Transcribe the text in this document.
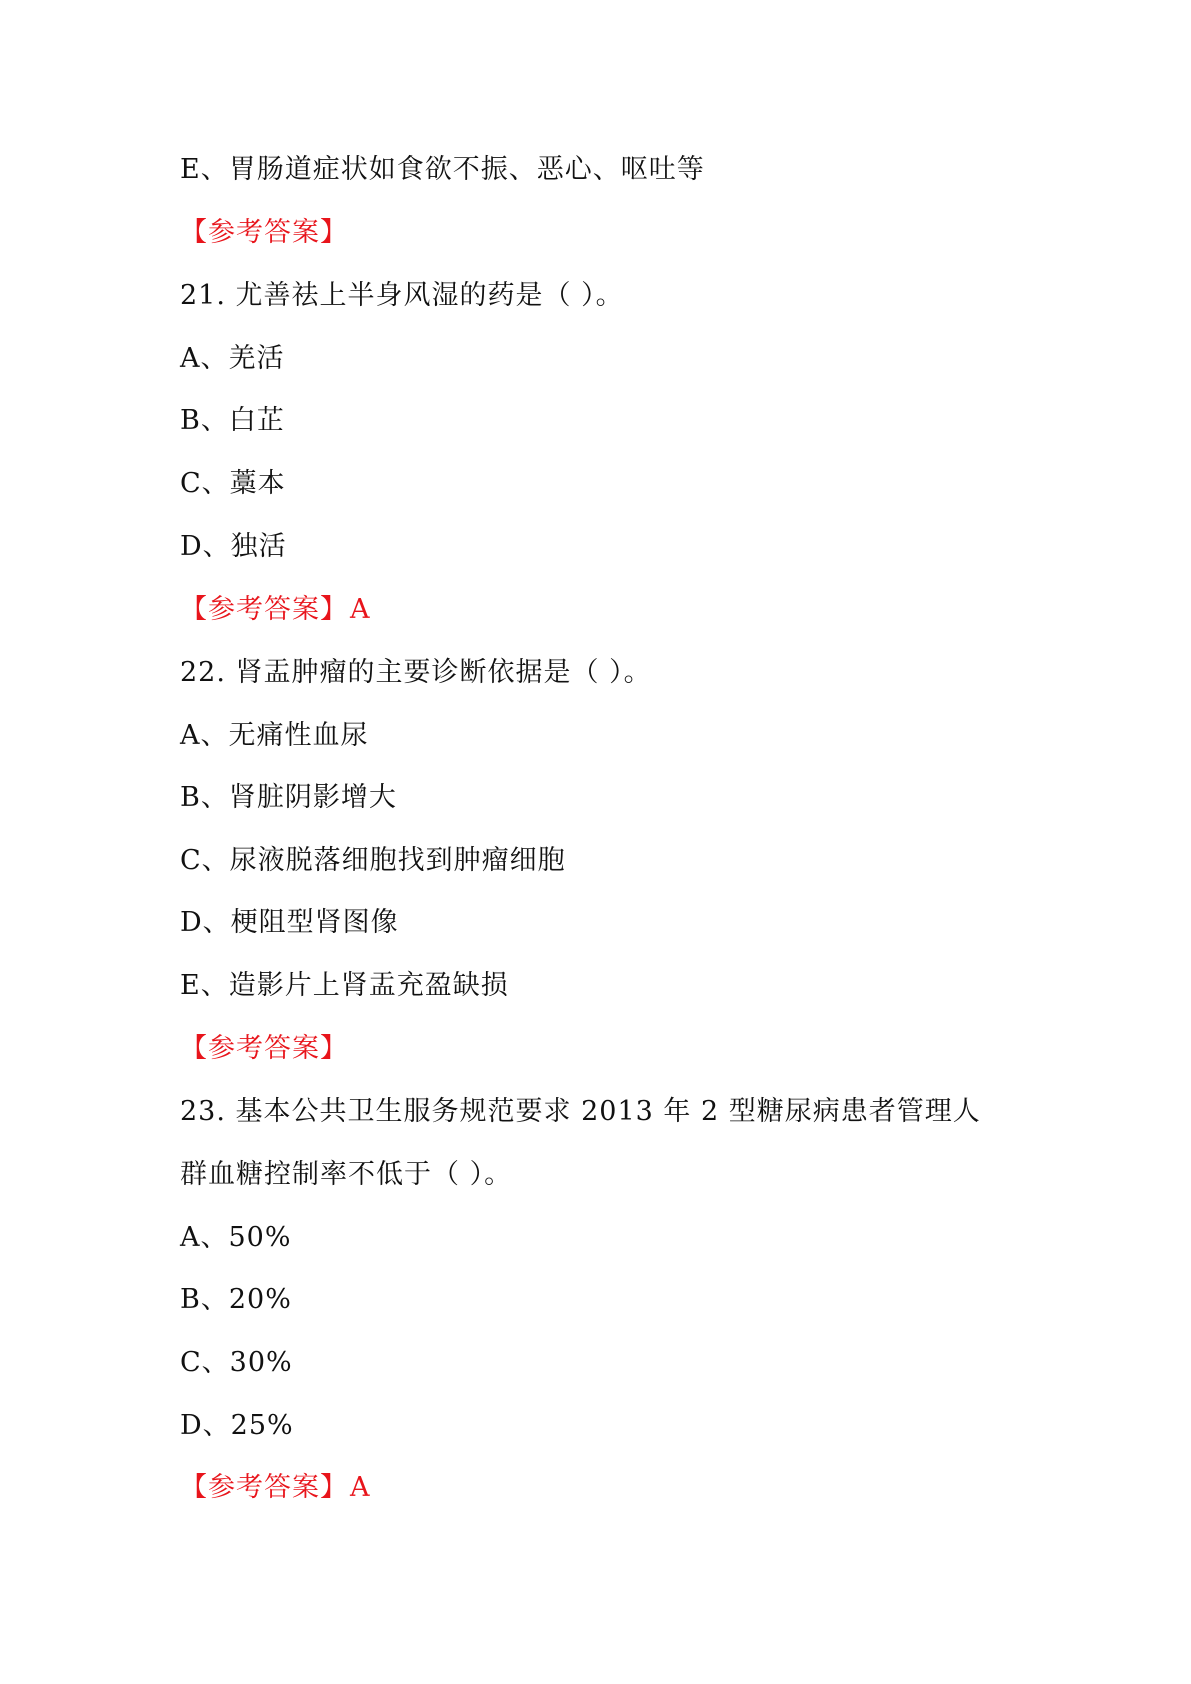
E、胃肠道症状如食欲不振、恶心、呕吐等
【参考答案】
21. 尤善祛上半身风湿的药是（ ）。
A、羌活
B、白芷
C、藁本
D、独活
【参考答案】A
22. 肾盂肿瘤的主要诊断依据是（ ）。
A、无痛性血尿
B、肾脏阴影增大
C、尿液脱落细胞找到肿瘤细胞
D、梗阻型肾图像
E、造影片上肾盂充盈缺损
【参考答案】
23. 基本公共卫生服务规范要求 2013 年 2 型糖尿病患者管理人
群血糖控制率不低于（ ）。
A、50%
B、20%
C、30%
D、25%
【参考答案】A
